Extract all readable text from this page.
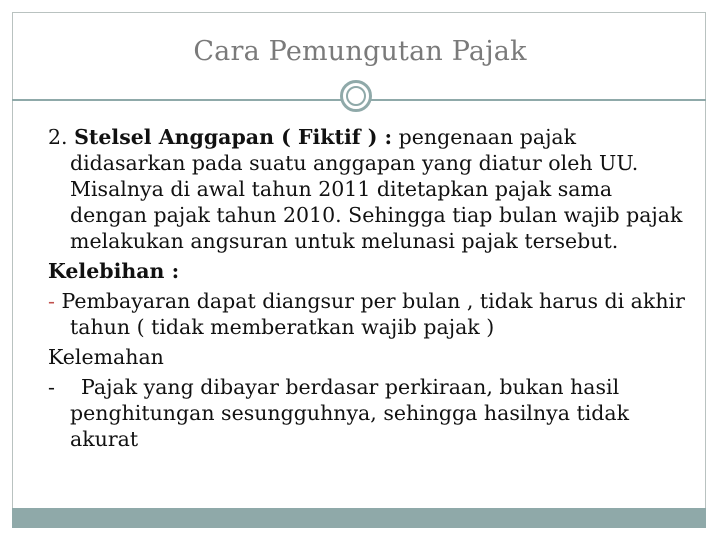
Cara Pemungutan Pajak

2. Stelsel Anggapan ( Fiktif ) : pengenaan pajak didasarkan pada suatu anggapan yang diatur oleh UU. Misalnya di awal tahun 2011 ditetapkan pajak sama dengan pajak tahun 2010. Sehingga tiap bulan wajib pajak melakukan angsuran untuk melunasi pajak tersebut.

Kelebihan :

- Pembayaran dapat diangsur per bulan , tidak harus di akhir tahun ( tidak memberatkan wajib pajak )

Kelemahan

- Pajak yang dibayar berdasar perkiraan, bukan hasil penghitungan sesungguhnya, sehingga hasilnya tidak akurat
